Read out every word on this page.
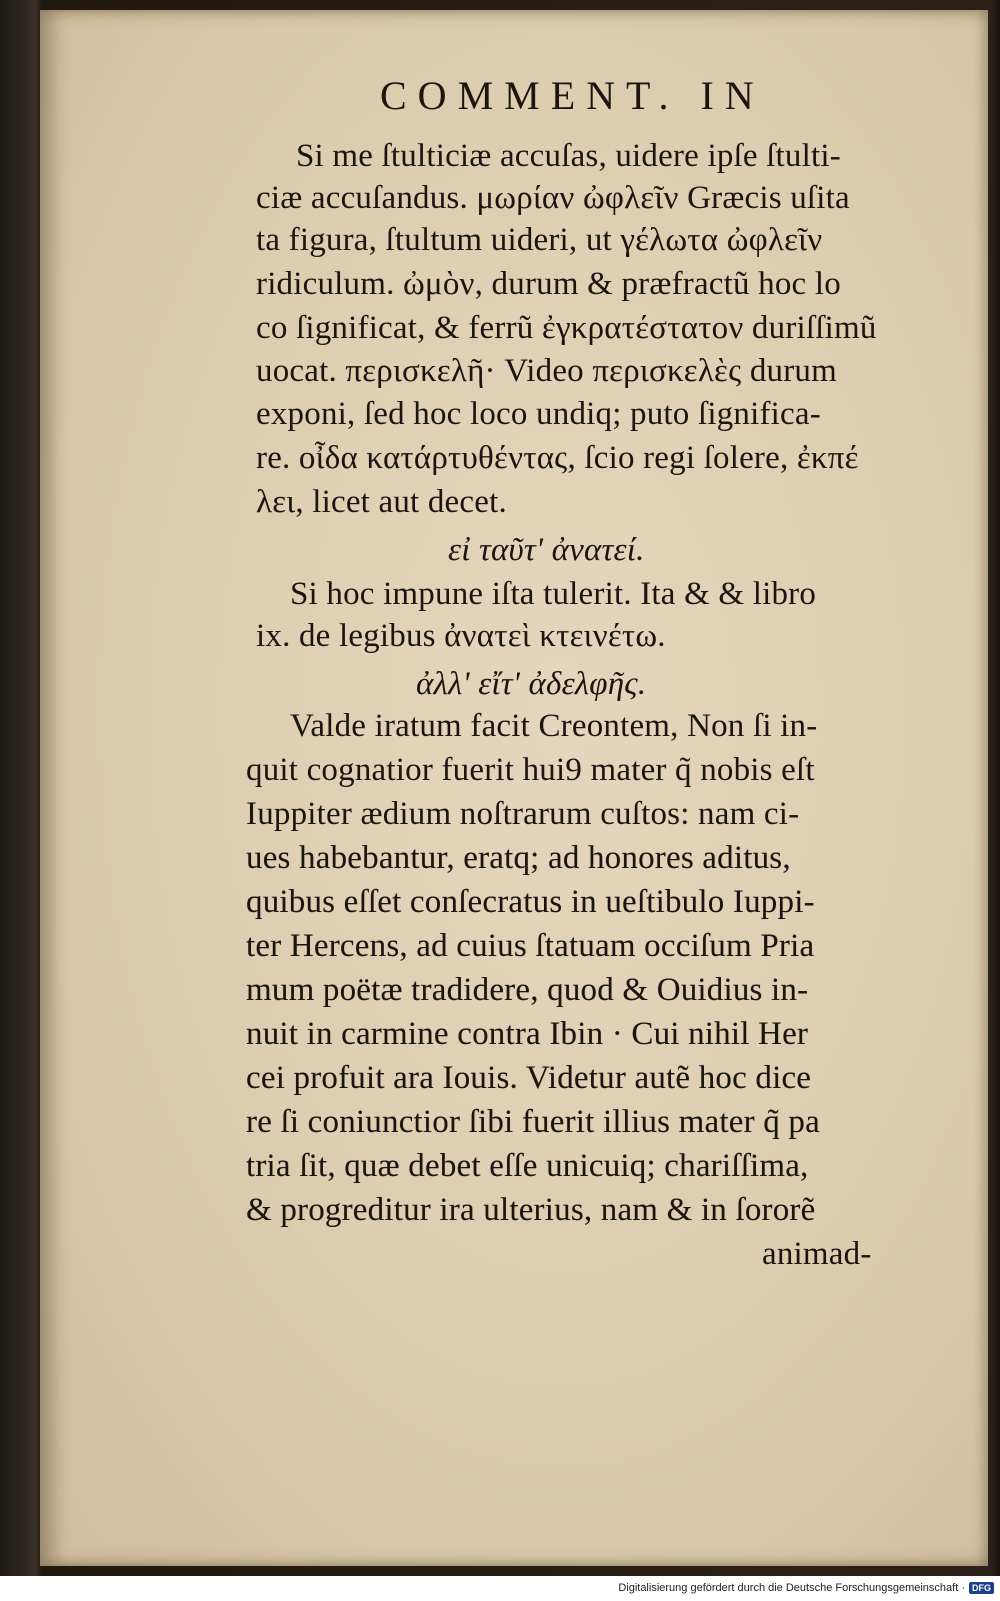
COMMENT. IN
Si me ſtulticiæ accuſas, uidere ipſe ſtulti-
ciæ accuſandus. μωρίαν ὠφλεῖν Græcis uſita
ta figura, ſtultum uideri, ut γέλωτα ὠφλεῖν
ridiculum. ὠμὸν, durum & præfractũ hoc lo
co ſignificat, & ferrũ ἐγκρατέστατον duriſſimũ
uocat. περισκελῆ· Video περισκελὲς durum
exponi, ſed hoc loco undiq; puto ſignifica-
re. οἶδα κατάρτυθέντας, ſcio regi ſolere, ἐκπέ
λει, licet aut decet.
εἰ ταῦτ' ἀνατεί.
Si hoc impune iſta tulerit. Ita & & libro
ix. de legibus ἀνατεὶ κτεινέτω.
ἀλλ' εἴτ' ἀδελφῆς.
Valde iratum facit Creontem, Non ſi in-
quit cognatior fuerit hui9 mater q̃ nobis eſt
Iuppiter ædium noſtrarum cuſtos: nam ci-
ues habebantur, eratq; ad honores aditus,
quibus eſſet conſecratus in ueſtibulo Iuppi-
ter Hercens, ad cuius ſtatuam occiſum Pria
mum poëtæ tradidere, quod & Ouidius in-
nuit in carmine contra Ibin · Cui nihil Her
cei profuit ara Iouis. Videtur autẽ hoc dice
re ſi coniunctior ſibi fuerit illius mater q̃ pa
tria ſit, quæ debet eſſe unicuiq; chariſſima,
& progreditur ira ulterius, nam & in ſororẽ
animad-
Digitalisierung gefördert durch die Deutsche Forschungsgemeinschaft · DFG
